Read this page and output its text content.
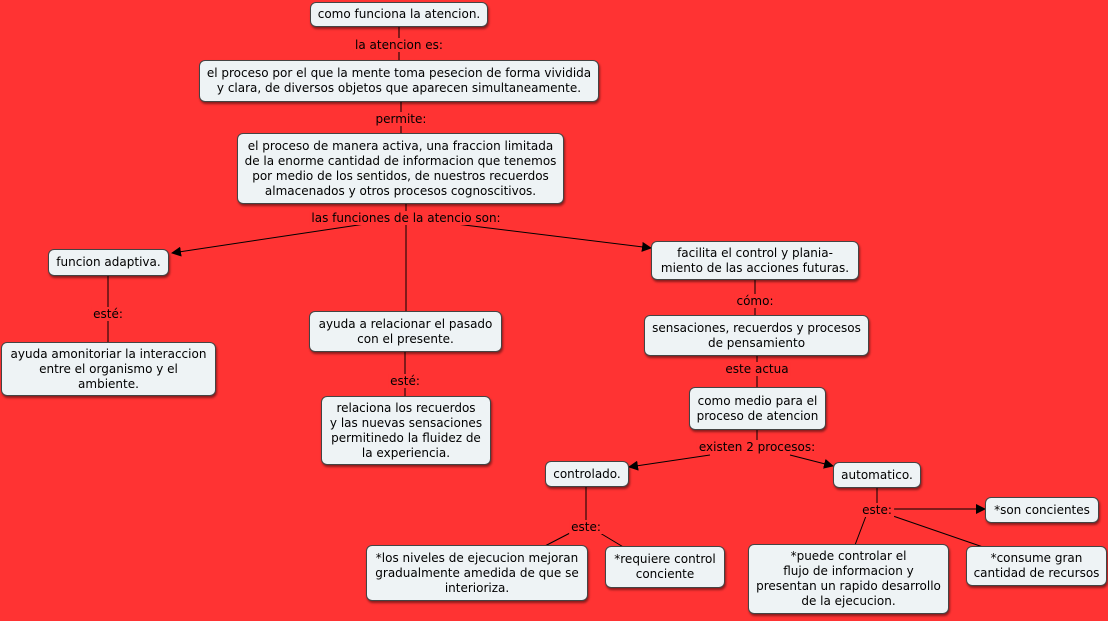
la atencion es:
permite:
las funciones de la atencio son:
esté:
esté:
cómo:
este actua
existen 2 procesos:
este:
este:
como funciona la atencion.
el proceso por el que la mente toma pesecion de forma vividida
y clara, de diversos objetos que aparecen simultaneamente.
el proceso de manera activa, una fraccion limitada
de la enorme cantidad de informacion que tenemos
por medio de los sentidos, de nuestros recuerdos
almacenados y otros procesos cognoscitivos.
funcion adaptiva.
ayuda amonitoriar la interaccion
entre el organismo y el
ambiente.
ayuda a relacionar el pasado
con el presente.
relaciona los recuerdos
y las nuevas sensaciones
permitinedo la fluidez de
la experiencia.
facilita el control y plania-
miento de las acciones futuras.
sensaciones, recuerdos y procesos
de pensamiento
como medio para el
proceso de atencion
controlado.	automatico.
*los niveles de ejecucion mejoran
gradualmente amedida de que se
interioriza.
*requiere control
conciente
*puede controlar el
flujo de informacion y
presentan un rapido desarrollo
de la ejecucion.
*consume gran
cantidad de recursos
*son concientes
